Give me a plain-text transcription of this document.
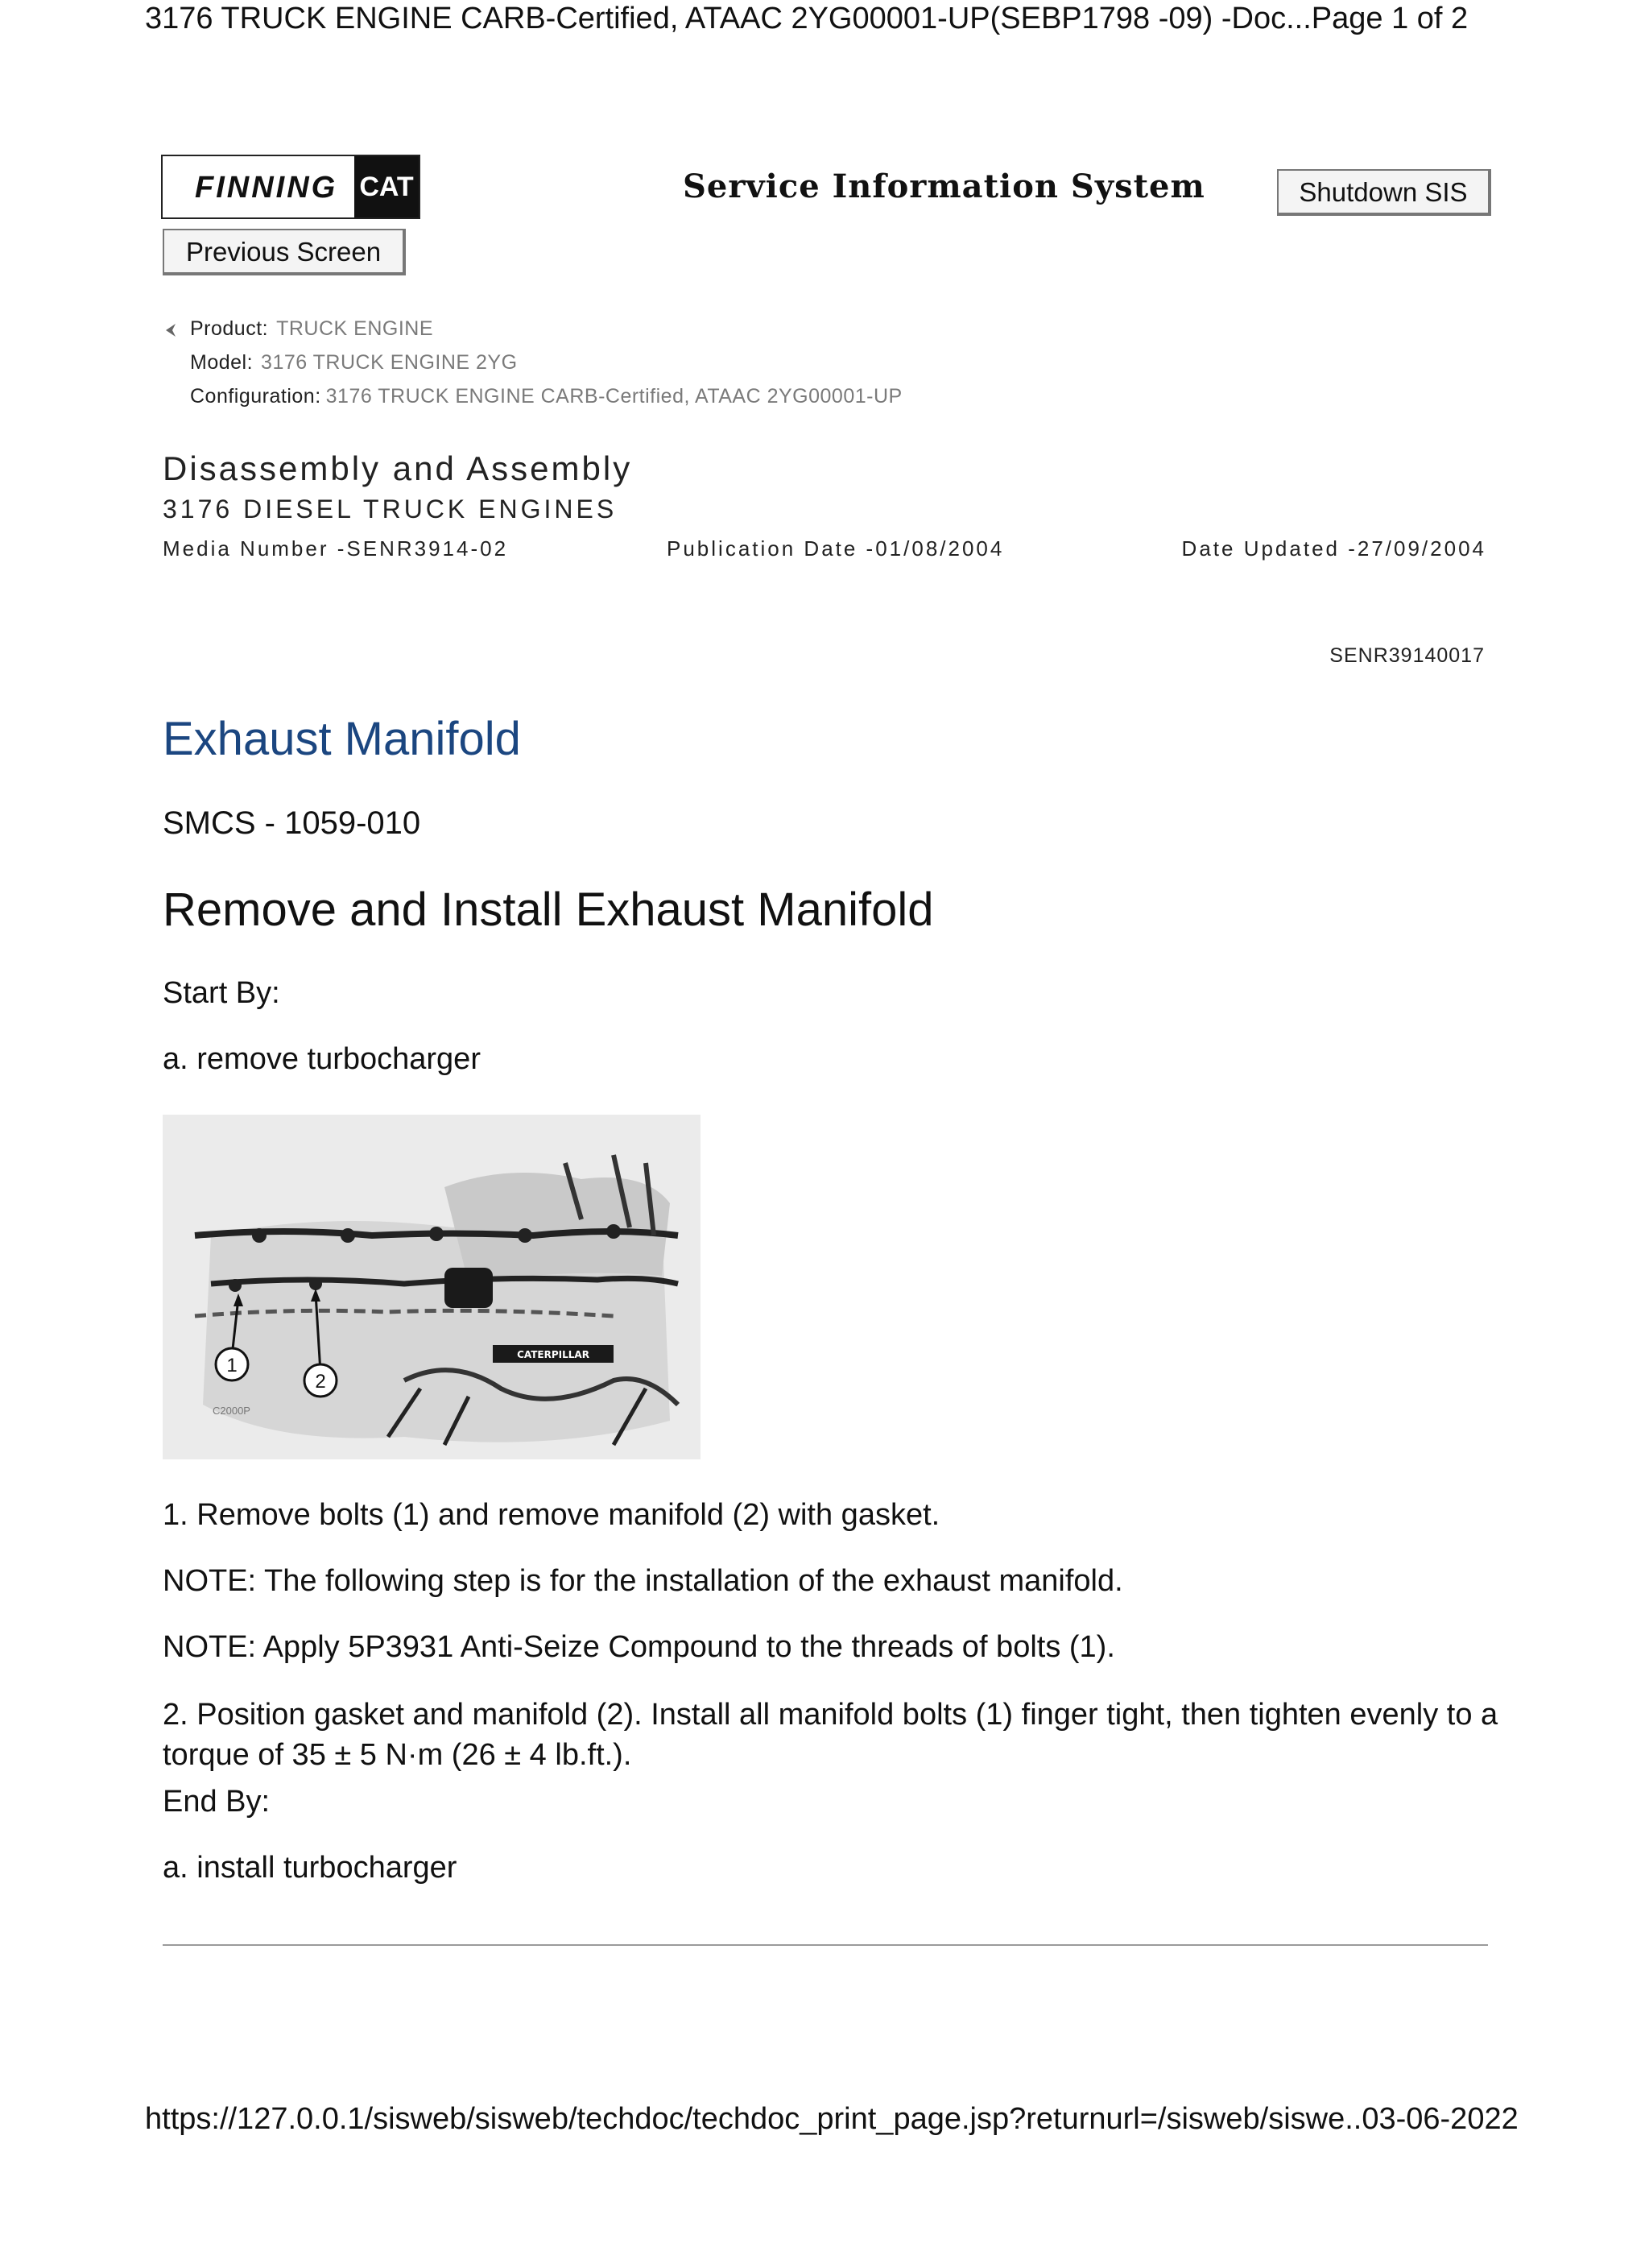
3176 TRUCK ENGINE CARB-Certified, ATAAC 2YG00001-UP(SEBP1798 -09) -Doc...Page 1 of 2
FINNING CAT	Service Information System	Shutdown SIS
Previous Screen
Product: TRUCK ENGINE
Model: 3176 TRUCK ENGINE 2YG
Configuration: 3176 TRUCK ENGINE CARB-Certified, ATAAC 2YG00001-UP
Disassembly and Assembly
3176 DIESEL TRUCK ENGINES
Media Number -SENR3914-02	Publication Date -01/08/2004	Date Updated -27/09/2004
SENR39140017
Exhaust Manifold
SMCS - 1059-010
Remove and Install Exhaust Manifold
Start By:
a. remove turbocharger
CATERPILLAR
1
2
C2000P
1. Remove bolts (1) and remove manifold (2) with gasket.
NOTE: The following step is for the installation of the exhaust manifold.
NOTE: Apply 5P3931 Anti-Seize Compound to the threads of bolts (1).
2. Position gasket and manifold (2). Install all manifold bolts (1) finger tight, then tighten evenly to a
torque of 35 ± 5 N·m (26 ± 4 lb.ft.).
End By:
a. install turbocharger
https://127.0.0.1/sisweb/sisweb/techdoc/techdoc_print_page.jsp?returnurl=/sisweb/siswe..03-06-2022
